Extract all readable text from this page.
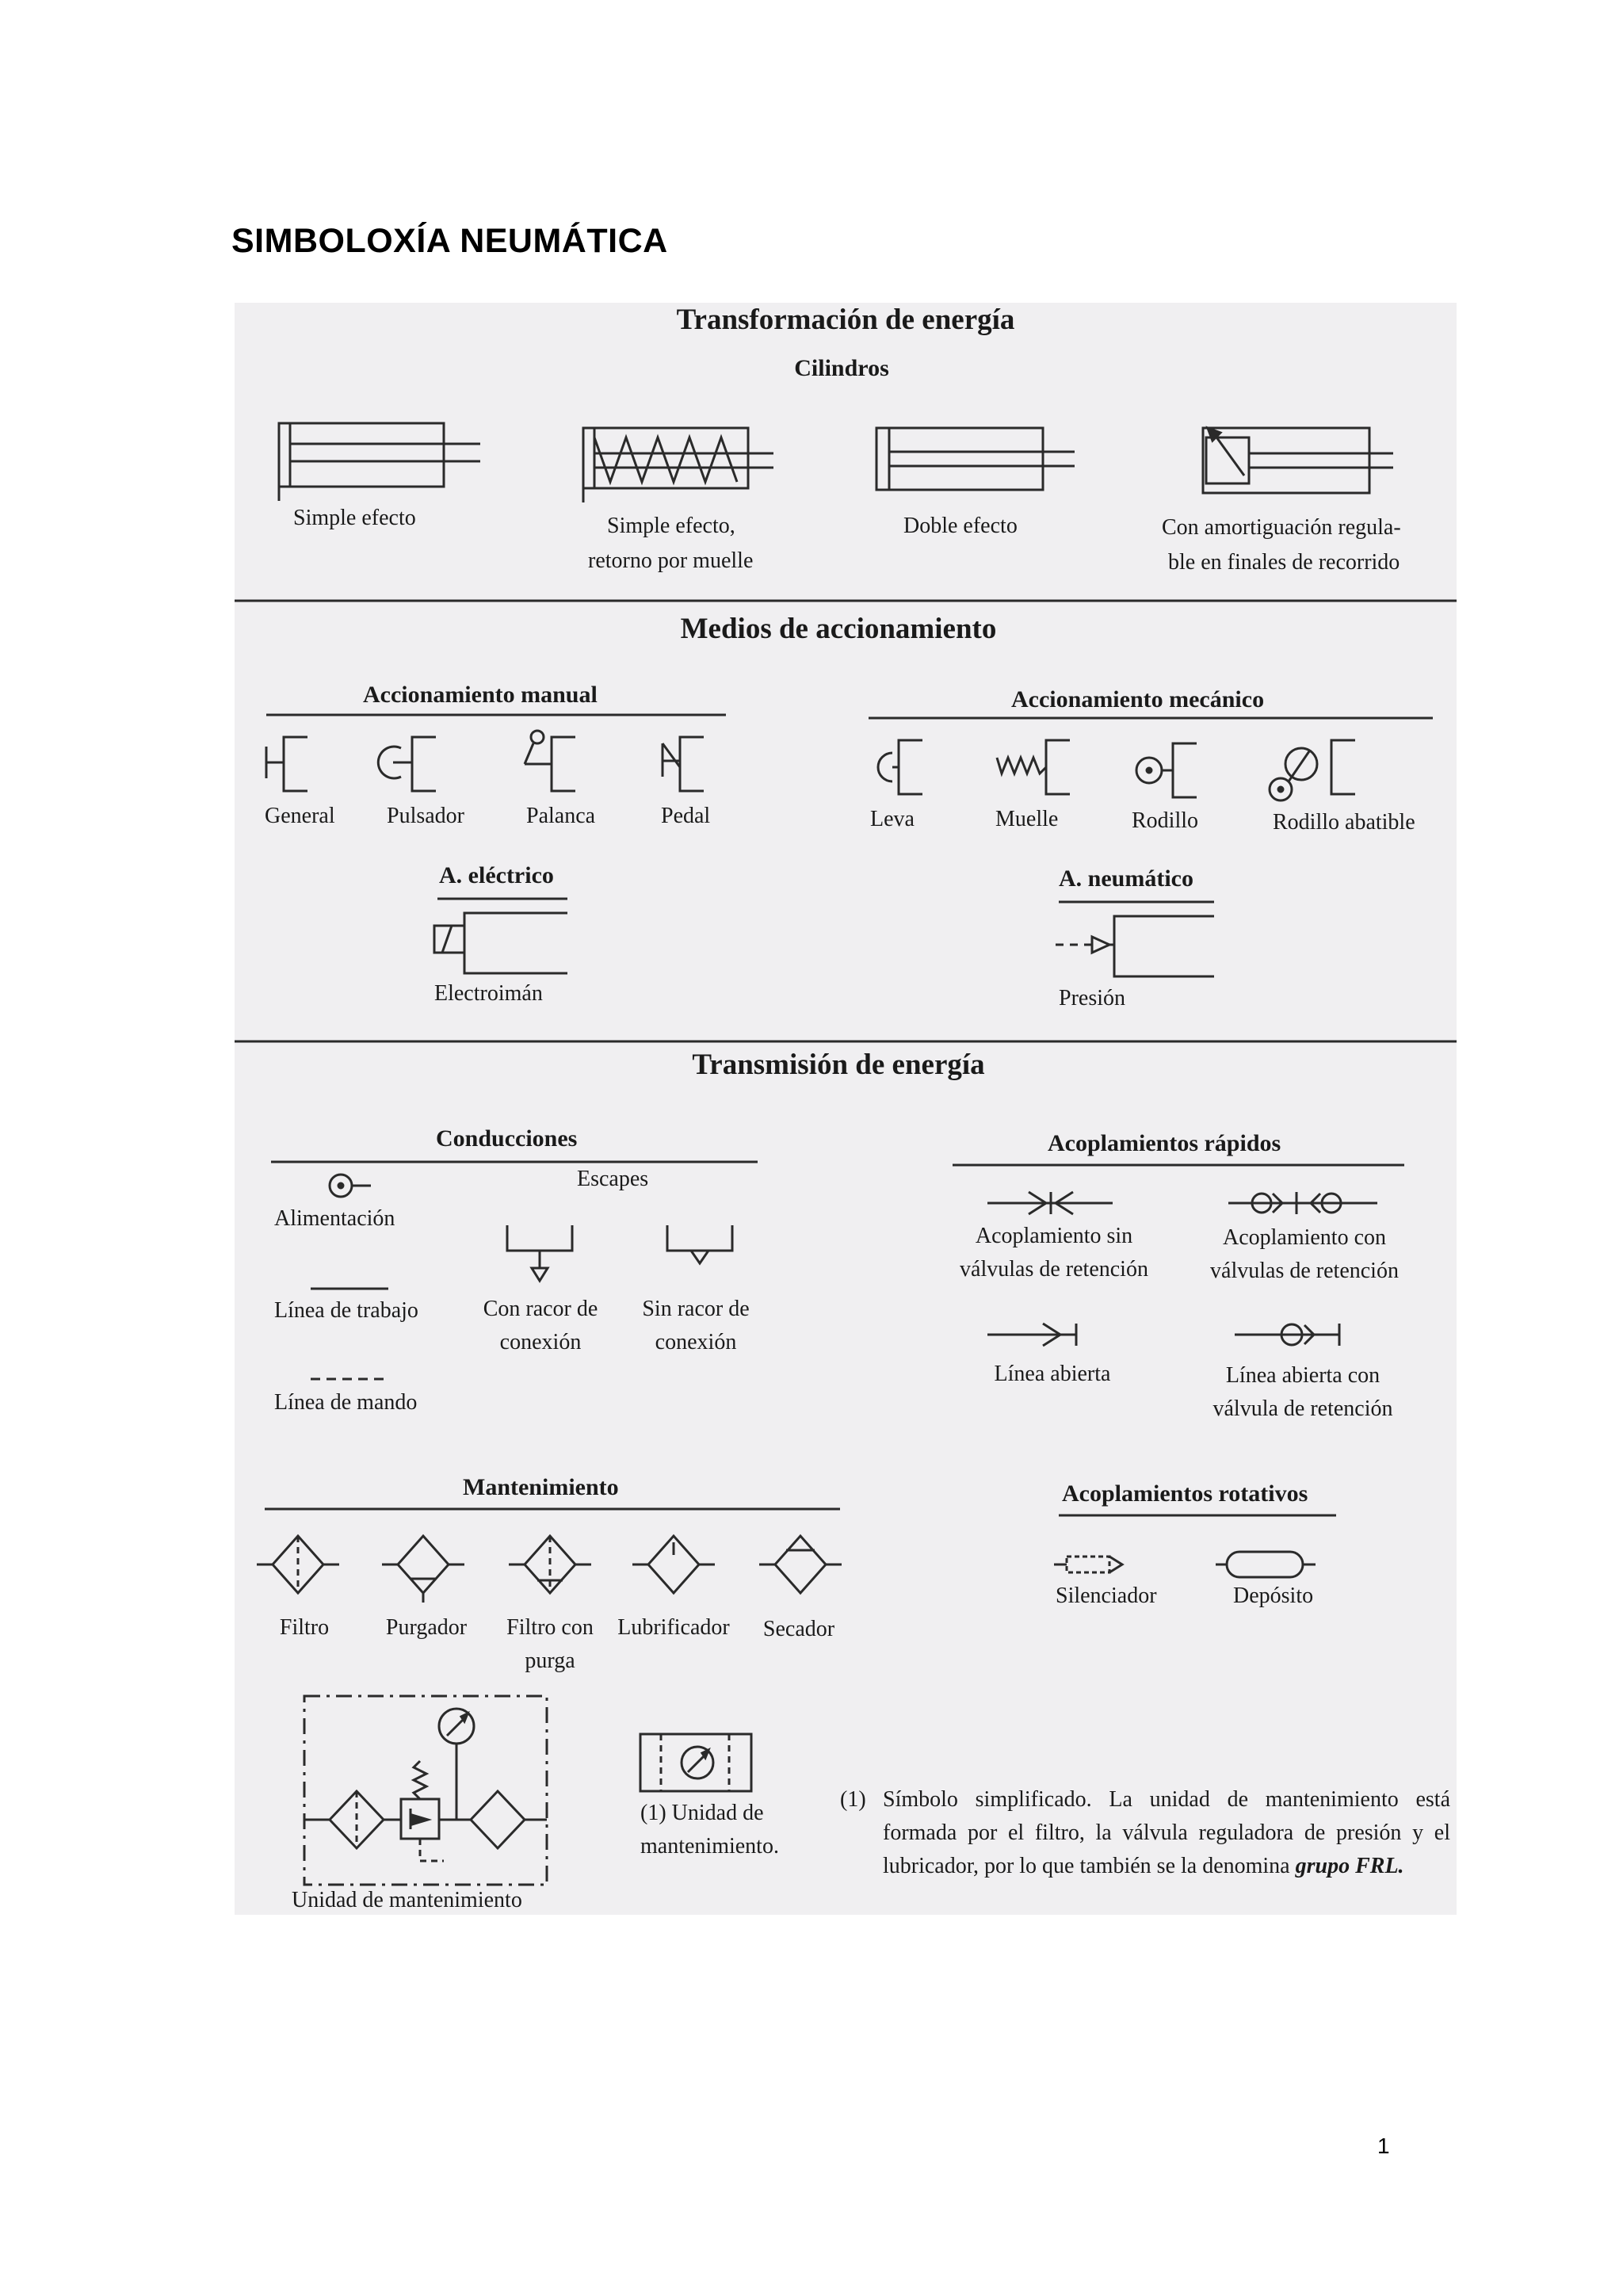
SIMBOLOXÍA NEUMÁTICA
Transformación de energía
Cilindros
Simple efecto	Simple efecto,
retorno por muelle
Doble efecto	Con amortiguación regula-
ble en finales de recorrido
Medios de accionamiento
Accionamiento manual	Accionamiento mecánico
General Pulsador	Palanca	Pedal	Leva	Muelle	Rodillo	Rodillo abatible
A. eléctrico
Electroimán
A. neumático
Presión
Transmisión de energía
Conducciones
Escapes
Alimentación
Línea de trabajo	Con racor de
conexión
Sin racor de
conexión
Línea de mando
Acoplamientos rápidos
Acoplamiento sin
válvulas de retención
Acoplamiento con
válvulas de retención
Línea abierta	Línea abierta con
válvula de retención
Mantenimiento
Filtro	Purgador Filtro con
purga
Lubrificador Secador
Unidad de mantenimiento
(1) Unidad de
mantenimiento.
Acoplamientos rotativos
Silenciador	Depósito
(1) Símbolo simplificado. La unidad de mantenimiento está formada por el filtro, la válvula reguladora de presión y el lubricador, por lo que también se la denomina grupo FRL.
1
